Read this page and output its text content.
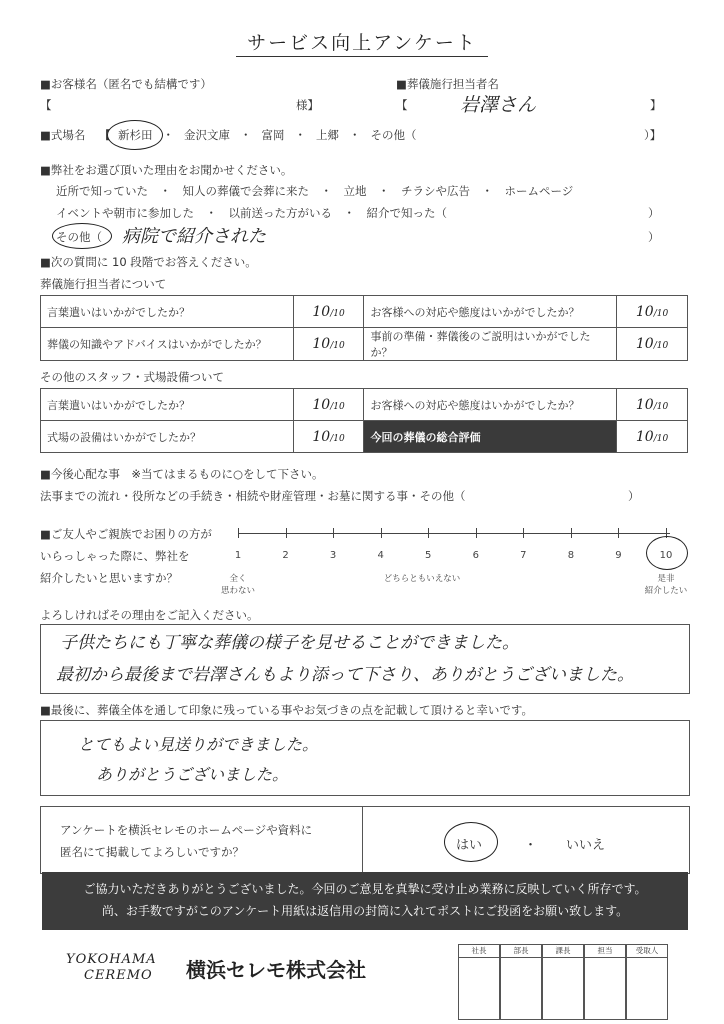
サービス向上アンケート
■お客様名（匿名でも結構です）
【	様】
■葬儀施行担当者名
【	岩澤さん	】
■式場名 【 新杉田 ・ 金沢文庫 ・ 富岡 ・ 上郷 ・ その他（	）】
■弊社をお選び頂いた理由をお聞かせください。
近所で知っていた　・　知人の葬儀で会葬に来た　・　立地　・　チラシや広告　・　ホームページ
イベントや朝市に参加した　・　以前送った方がいる　・　紹介で知った（	）
その他（ 病院で紹介された	）
■次の質問に 10 段階でお答えください。
葬儀施行担当者について
言葉遣いはいかがでしたか？	10/10	お客様への対応や態度はいかがでしたか？	10/10
葬儀の知識やアドバイスはいかがでしたか？	10/10	事前の準備・葬儀後のご説明はいかがでしたか？	10/10
その他のスタッフ・式場設備ついて
言葉遣いはいかがでしたか？	10/10	お客様への対応や態度はいかがでしたか？	10/10
式場の設備はいかがでしたか？	10/10	今回の葬儀の総合評価	10/10
■今後心配な事　※当てはまるものに○をして下さい。
法事までの流れ・役所などの手続き・相続や財産管理・お墓に関する事・その他（	）
■ご友人やご親族でお困りの方が
いらっしゃった際に、弊社を
紹介したいと思いますか？
1	2	3	4	5	6	7	8	9	10
全く
思わない
どちらともいえない	是非
紹介したい
よろしければその理由をご記入ください。
子供たちにも丁寧な葬儀の様子を見せることができました。
最初から最後まで岩澤さんもより添って下さり、ありがとうございました。
■最後に、葬儀全体を通して印象に残っている事やお気づきの点を記載して頂けると幸いです。
とてもよい見送りができました。
ありがとうございました。
アンケートを横浜セレモのホームページや資料に
匿名にて掲載してよろしいですか？	はい	・ いいえ
ご協力いただきありがとうございました。今回のご意見を真摯に受け止め業務に反映していく所存です。
尚、お手数ですがこのアンケート用紙は返信用の封筒に入れてポストにご投函をお願い致します。
YOKOHAMA
CEREMO 横浜セレモ株式会社
社長	部長	課長	担当	受取人
